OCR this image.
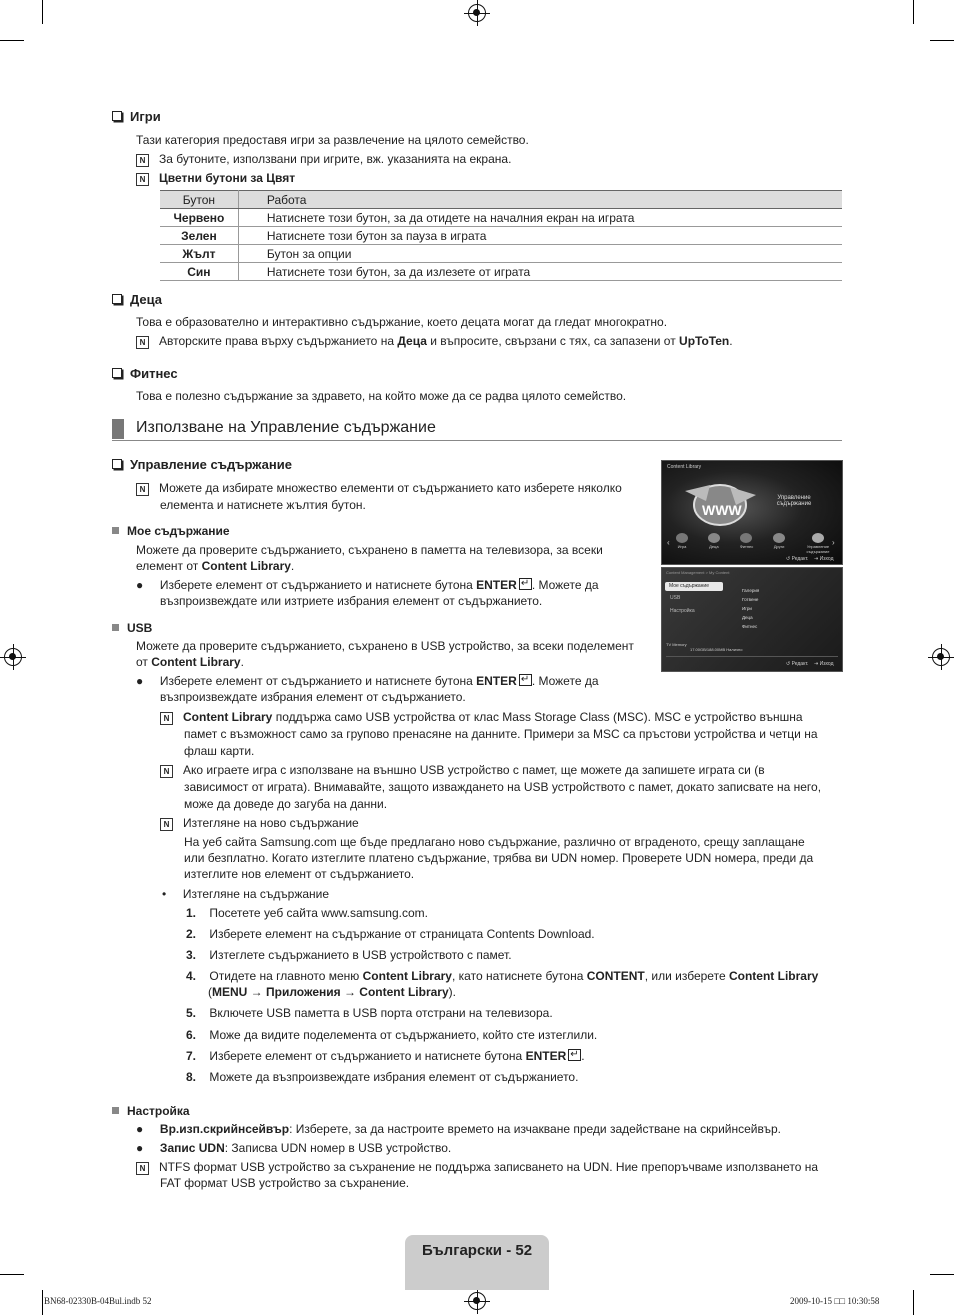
Игри
Тази категория предоставя игри за развлечение на цялото семейство.
N За бутоните, използвани при игрите, вж. указанията на екрана.
N Цветни бутони за Цвят
Бутон	Работа
Червено	Натиснете този бутон, за да отидете на началния екран на играта
Зелен	Натиснете този бутон за пауза в играта
Жълт	Бутон за опции
Син	Натиснете този бутон, за да излезете от играта
Деца
Това е образователно и интерактивно съдържание, което децата могат да гледат многократно.
N Авторските права върху съдържанието на Деца и въпросите, свързани с тях, са запазени от UpToTen.
Фитнес
Това е полезно съдържание за здравето, на който може да се радва цялото семейство.
Използване на Управление съдържание
Управление съдържание
N Можете да избирате множество елементи от съдържанието като изберете няколко
елемента и натиснете жълтия бутон.
Мое съдържание
Можете да проверите съдържанието, съхранено в паметта на телевизора, за всеки
елемент от Content Library.
●     Изберете елемент от съдържанието и натиснете бутона ENTER ↵ . Можете да
възпроизвеждате или изтриете избрания елемент от съдържанието.
USB
Можете да проверите съдържанието, съхранено в USB устройство, за всеки поделемент
от Content Library.
●     Изберете елемент от съдържанието и натиснете бутона ENTER ↵ . Можете да
възпроизвеждате избрания елемент от съдържанието.
N Content Library поддържа само USB устройства от клас Mass Storage Class (MSC). MSC е устройство външна
памет с възможност само за групово пренасяне на данните. Примери за MSC са пръстови устройства и четци на
флаш карти.
N Ако играете игра с използване на външно USB устройство с памет, ще можете да запишете играта си (в
зависимост от играта). Внимавайте, защото изваждането на USB устройството с памет, докато записвате на него,
може да доведе до загуба на данни.
N Изтегляне на ново съдържание
На уеб сайта Samsung.com ще бъде предлагано ново съдържание, различно от вграденото, срещу заплащане
или безплатно. Когато изтеглите платено съдържание, трябва ви UDN номер. Проверете UDN номера, преди да
изтеглите нов елемент от съдържанието.
•     Изтегляне на съдържание
1. Посетете уеб сайта www.samsung.com.
2. Изберете елемент на съдържание от страницата Contents Download.
3. Изтеглете съдържанието в USB устройството с памет.
4. Отидете на главното меню Content Library, като натиснете бутона CONTENT, или изберете Content Library
(MENU → Приложения → Content Library).
5. Включете USB паметта в USB порта отстрани на телевизора.
6. Може да видите поделемента от съдържанието, който сте изтеглили.
7. Изберете елемент от съдържанието и натиснете бутона ENTER ↵ .
8. Можете да възпроизвеждате избрания елемент от съдържанието.
Настройка
●     Вр.изп.скрийнсейвър: Изберете, за да настроите времето на изчакване преди задействане на скрийнсейвър.
●     Запис UDN: Записва UDN номер в USB устройство.
N NTFS формат USB устройство за съхранение не поддържа записването на UDN. Ние препоръчваме използването на
FAT формат USB устройство за съхранение.
Content Library
WWW
Управление
съдържание
‹	›
Игра	Деца	Фитнес	Други	Управление съдържание
↺ Редакт.    ⇥ Изход
Content Management > My Content
Мое съдържание
USB
Настройка
Галерия
Готвене
Игри
Деца
Фитнес
TV Memory
17.00GB/188.00MB Налично
↺ Редакт.    ⇥ Изход
Български - 52
BN68-02330B-04Bul.indb 52	2009-10-15 □□ 10:30:58
